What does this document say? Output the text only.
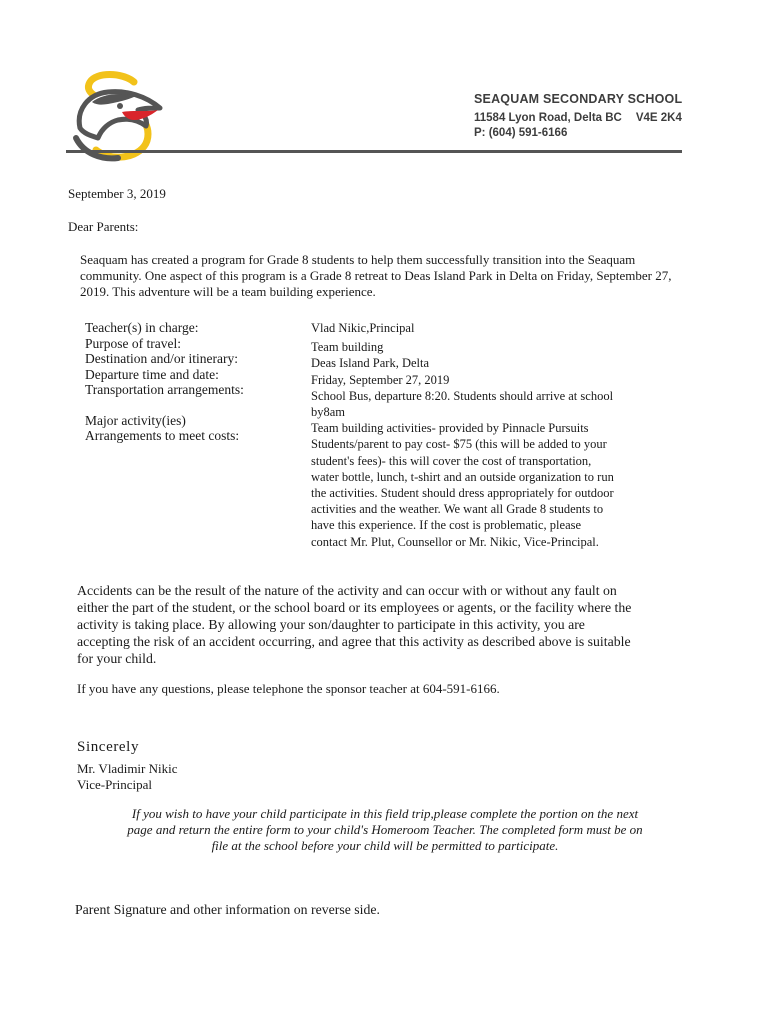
SEAQUAM SECONDARY SCHOOL
11584 Lyon Road, Delta BC V4E 2K4
P: (604) 591-6166
September 3, 2019
Dear Parents:

Seaquam has created a program for Grade 8 students to help them successfully transition into the Seaquam

community. One aspect of this program is a Grade 8 retreat to Deas Island Park in Delta on Friday, September 27,

2019. This adventure will be a team building experience.

Teacher(s) in charge:
Purpose of travel:
Destination and/or itinerary:
Departure time and date:
Transportation arrangements:
Major activity(ies)
Arrangements to meet costs:
Vlad Nikic,Principal
Team building
Deas Island Park, Delta
Friday, September 27, 2019
School Bus, departure 8:20. Students should arrive at school
by8am
Team building activities- provided by Pinnacle Pursuits
Students/parent to pay cost- $75 (this will be added to your
student's fees)- this will cover the cost of transportation,
water bottle, lunch, t-shirt and an outside organization to run
the activities. Student should dress appropriately for outdoor
activities and the weather. We want all Grade 8 students to
have this experience. If the cost is problematic, please
contact Mr. Plut, Counsellor or Mr. Nikic, Vice-Principal.
Accidents can be the result of the nature of the activity and can occur with or without any fault on
either the part of the student, or the school board or its employees or agents, or the facility where the
activity is taking place. By allowing your son/daughter to participate in this activity, you are
accepting the risk of an accident occurring, and agree that this activity as described above is suitable
for your child.
If you have any questions, please telephone the sponsor teacher at 604-591-6166.
Sincerely
Mr. Vladimir Nikic
Vice-Principal
If you wish to have your child participate in this field trip,please complete the portion on the next
page and return the entire form to your child's Homeroom Teacher. The completed form must be on
file at the school before your child will be permitted to participate.
Parent Signature and other information on reverse side.
